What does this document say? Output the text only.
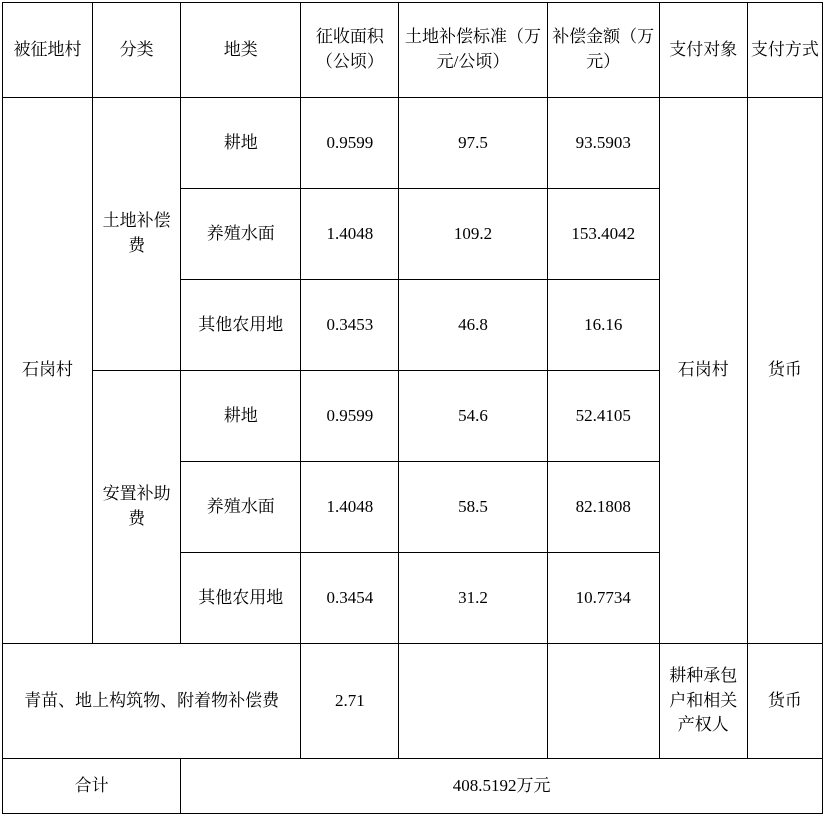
被征地村	分类	地类	征收面积（公顷）	土地补偿标准（万元/公顷）	补偿金额（万元）	支付对象	支付方式
石岗村	土地补偿费	耕地	0.9599	97.5	93.5903	石岗村	货币
		养殖水面	1.4048	109.2	153.4042		
		其他农用地	0.3453	46.8	16.16		
	安置补助费	耕地	0.9599	54.6	52.4105		
		养殖水面	1.4048	58.5	82.1808		
		其他农用地	0.3454	31.2	10.7734		
青苗、地上构筑物、附着物补偿费			2.71			耕种承包户和相关产权人	货币
合计		408.5192万元					
